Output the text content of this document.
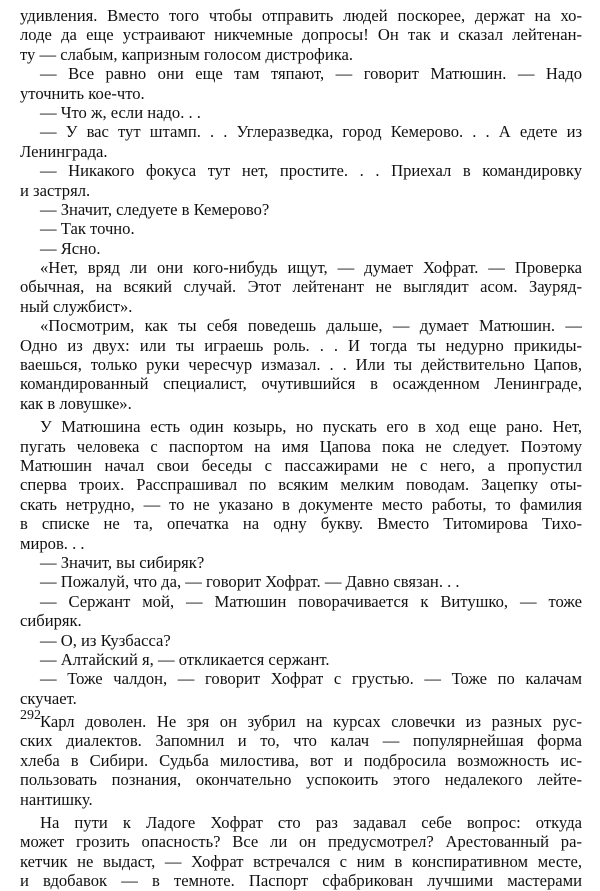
удивления. Вместо того чтобы отправить людей поскорее, держат на хо-
лоде да еще устраивают никчемные допросы! Он так и сказал лейтенан-
ту — слабым, капризным голосом дистрофика.
— Все равно они еще там тяпают, — говорит Матюшин. — Надо
уточнить кое-что.
— Что ж, если надо. . .
— У вас тут штамп. . . Углеразведка, город Кемерово. . . А едете из
Ленинграда.
— Никакого фокуса тут нет, простите. . . Приехал в командировку
и застрял.
— Значит, следуете в Кемерово?
— Так точно.
— Ясно.
«Нет, вряд ли они кого-нибудь ищут, — думает Хофрат. — Проверка
обычная, на всякий случай. Этот лейтенант не выглядит асом. Зауряд-
ный службист».
«Посмотрим, как ты себя поведешь дальше, — думает Матюшин. —
Одно из двух: или ты играешь роль. . . И тогда ты недурно прикиды-
ваешься, только руки чересчур измазал. . . Или ты действительно Цапов,
командированный специалист, очутившийся в осажденном Ленинграде,
как в ловушке».
У Матюшина есть один козырь, но пускать его в ход еще рано. Нет,
пугать человека с паспортом на имя Цапова пока не следует. Поэтому
Матюшин начал свои беседы с пассажирами не с него, а пропустил
сперва троих. Расспрашивал по всяким мелким поводам. Зацепку оты-
скать нетрудно, — то не указано в документе место работы, то фамилия
в списке не та, опечатка на одну букву. Вместо Титомирова Тихо-
миров. . .
— Значит, вы сибиряк?
— Пожалуй, что да, — говорит Хофрат. — Давно связан. . .
— Сержант мой, — Матюшин поворачивается к Витушко, — тоже
сибиряк.
— О, из Кузбасса?
— Алтайский я, — откликается сержант.
— Тоже чалдон, — говорит Хофрат с грустью. — Тоже по калачам
скучает.
Карл доволен. Не зря он зубрил на курсах словечки из разных рус-
ских диалектов. Запомнил и то, что калач — популярнейшая форма
хлеба в Сибири. Судьба милостива, вот и подбросила возможность ис-
пользовать познания, окончательно успокоить этого недалекого лейте-
нантишку.
На пути к Ладоге Хофрат сто раз задавал себе вопрос: откуда
может грозить опасность? Все ли он предусмотрел? Арестованный ра-
кетчик не выдаст, — Хофрат встречался с ним в конспиративном месте,
и вдобавок — в темноте. Паспорт сфабрикован лучшими мастерами
292
